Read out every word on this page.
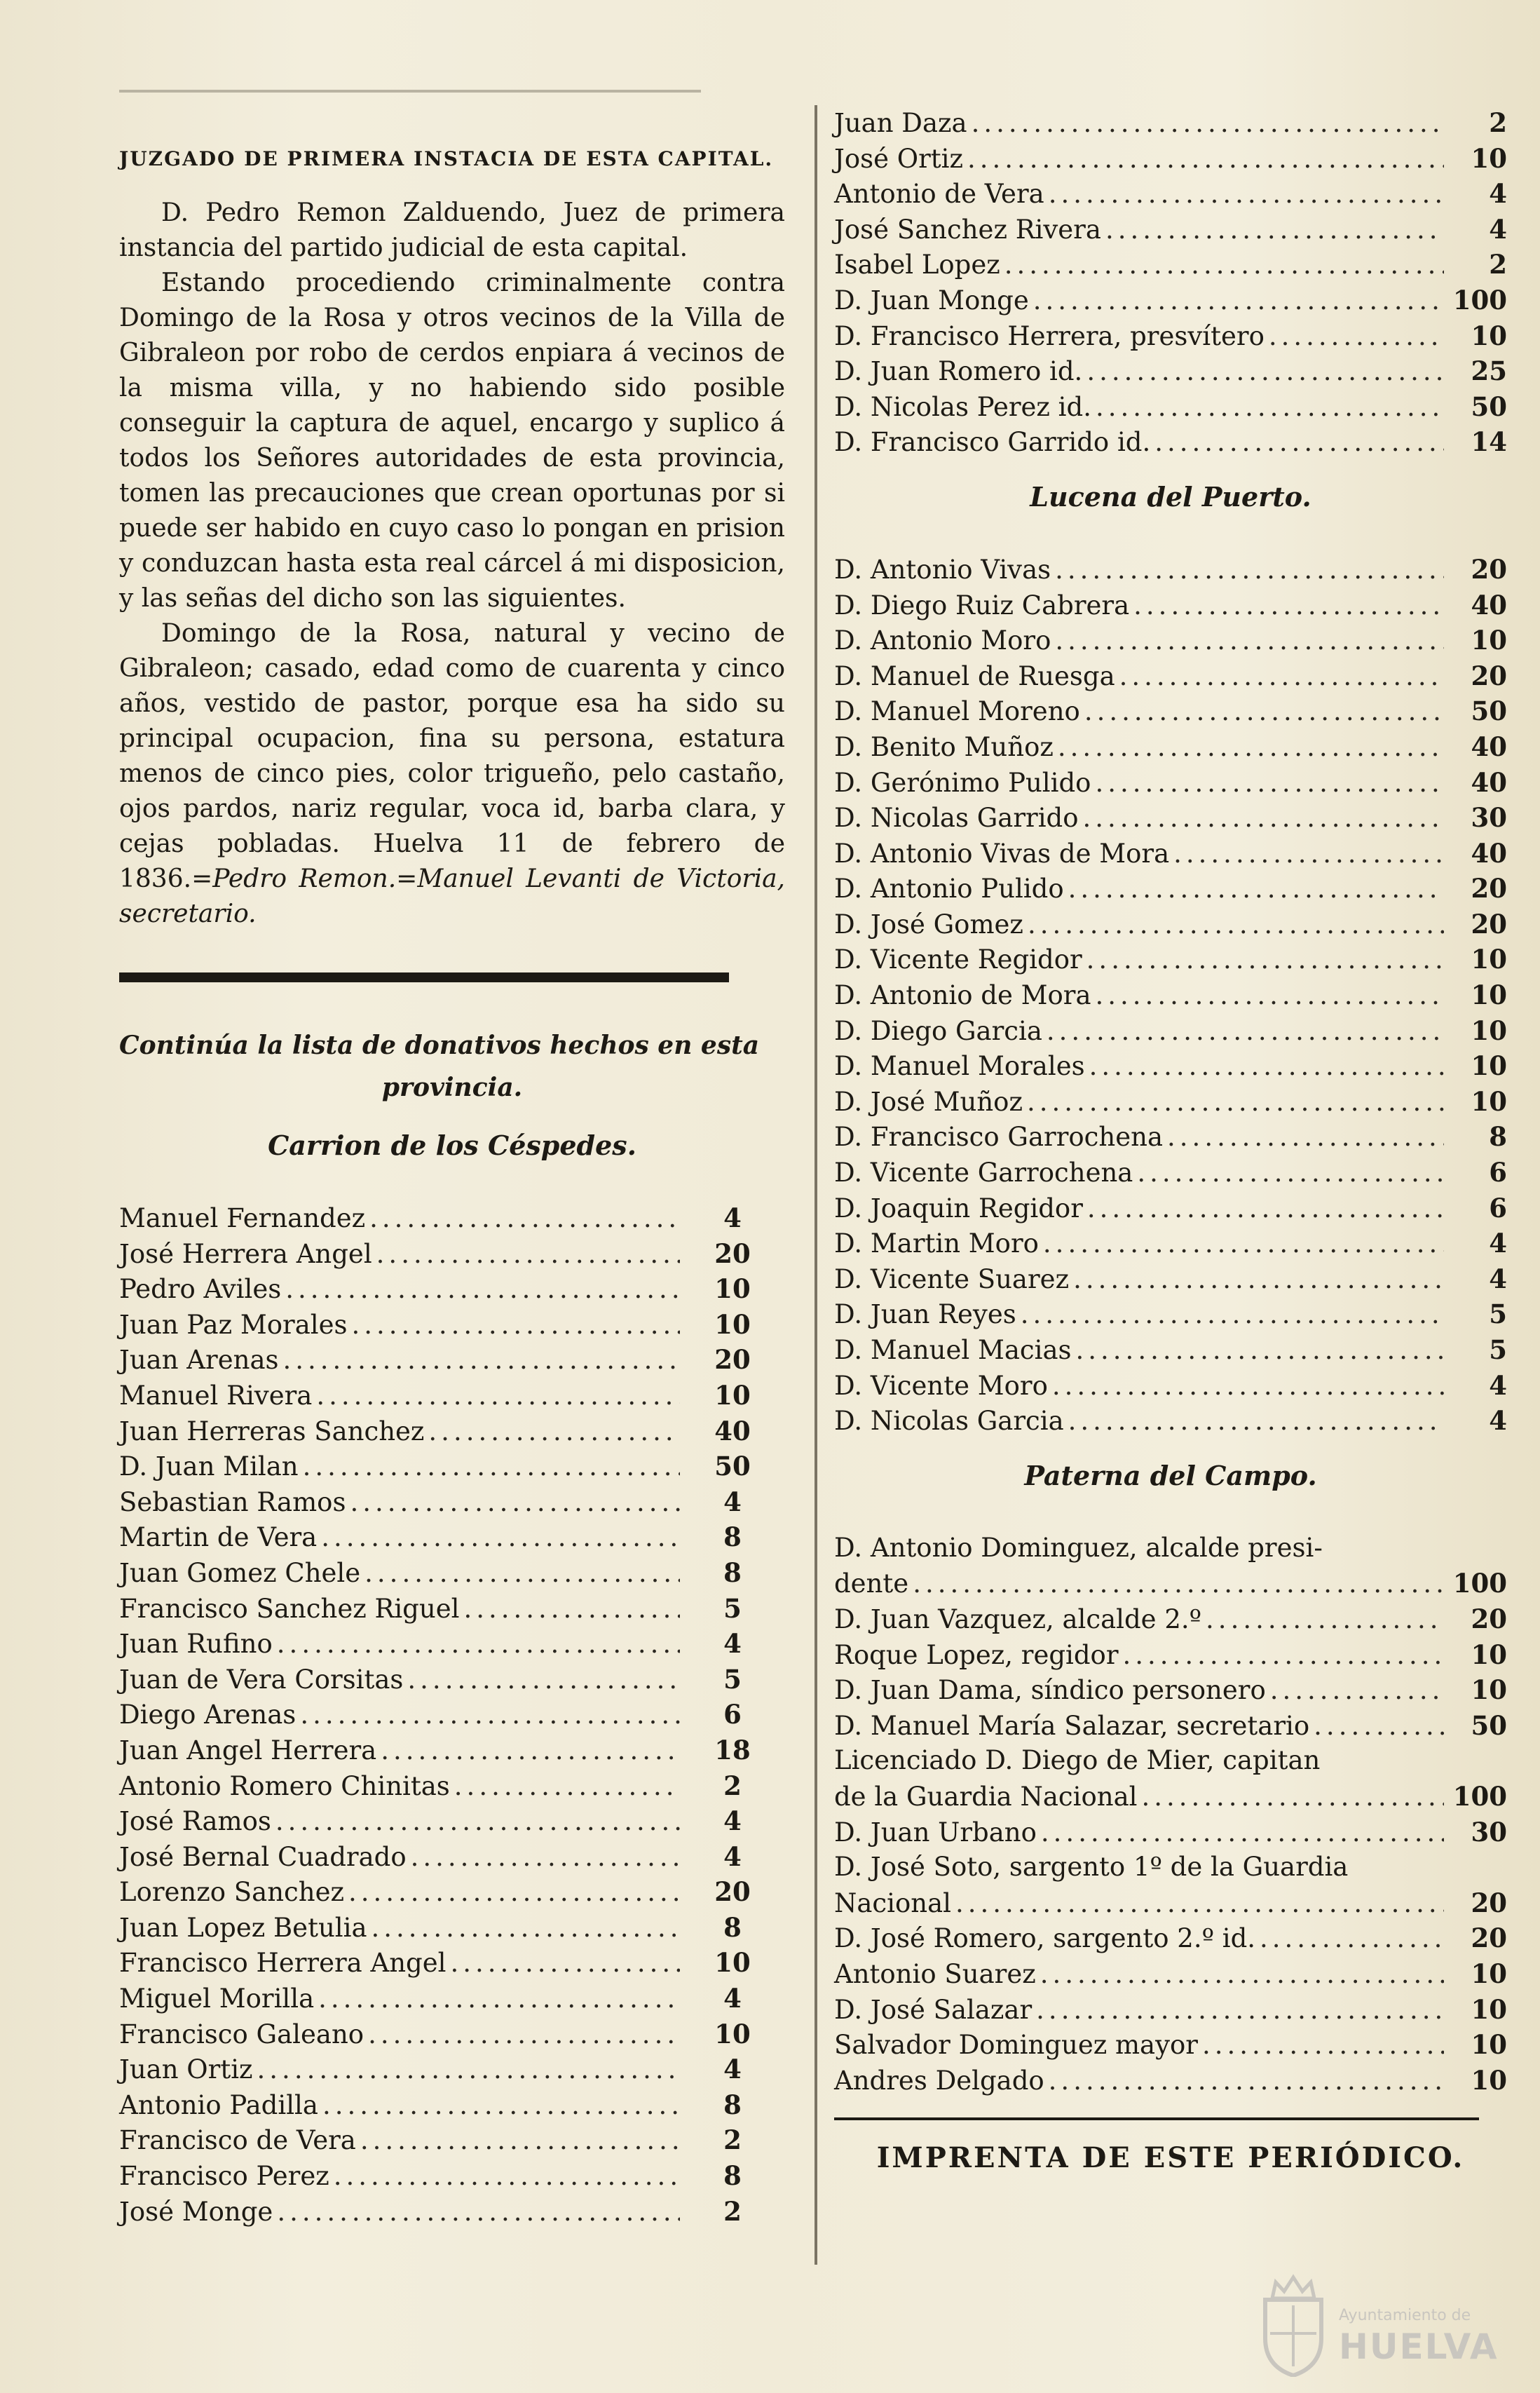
JUZGADO DE PRIMERA INSTACIA DE ESTA CAPITAL.

D. Pedro Remon Zalduendo, Juez de primera instancia del partido judicial de esta capital.

Estando procediendo criminalmente contra Domingo de la Rosa y otros vecinos de la Villa de Gibraleon por robo de cerdos enpiara á vecinos de la misma villa, y no habiendo sido posible conseguir la captura de aquel, encargo y suplico á todos los Señores autoridades de esta provincia, tomen las precauciones que crean oportunas por si puede ser habido en cuyo caso lo pongan en prision y conduzcan hasta esta real cárcel á mi disposicion, y las señas del dicho son las siguientes.

Domingo de la Rosa, natural y vecino de Gibraleon; casado, edad como de cuarenta y cinco años, vestido de pastor, porque esa ha sido su principal ocupacion, fina su persona, estatura menos de cinco pies, color trigueño, pelo castaño, ojos pardos, nariz regular, voca id, barba clara, y cejas pobladas. Huelva 11 de febrero de 1836.=Pedro Remon.=Manuel Levanti de Victoria, secretario.

Continúa la lista de donativos hechos en esta
provincia.
Carrion de los Céspedes.
Manuel Fernandez .....	4
José Herrera Angel .....	20
Pedro Aviles .....	10
Juan Paz Morales .....	10
Juan Arenas .....	20
Manuel Rivera .....	10
Juan Herreras Sanchez .....	40
D. Juan Milan .....	50
Sebastian Ramos .....	4
Martin de Vera .....	8
Juan Gomez Chele .....	8
Francisco Sanchez Riguel .....	5
Juan Rufino .....	4
Juan de Vera Corsitas .....	5
Diego Arenas .....	6
Juan Angel Herrera .....	18
Antonio Romero Chinitas .....	2
José Ramos .....	4
José Bernal Cuadrado .....	4
Lorenzo Sanchez .....	20
Juan Lopez Betulia .....	8
Francisco Herrera Angel .....	10
Miguel Morilla .....	4
Francisco Galeano .....	10
Juan Ortiz .....	4
Antonio Padilla .....	8
Francisco de Vera .....	2
Francisco Perez .....	8
José Monge .....	2
Juan Daza .....	2
José Ortiz .....	10
Antonio de Vera .....	4
José Sanchez Rivera .....	4
Isabel Lopez .....	2
D. Juan Monge .....	100
D. Francisco Herrera, presvítero .....	10
D. Juan Romero id. .....	25
D. Nicolas Perez id. .....	50
D. Francisco Garrido id. .....	14
Lucena del Puerto.
D. Antonio Vivas .....	20
D. Diego Ruiz Cabrera .....	40
D. Antonio Moro .....	10
D. Manuel de Ruesga .....	20
D. Manuel Moreno .....	50
D. Benito Muñoz .....	40
D. Gerónimo Pulido .....	40
D. Nicolas Garrido .....	30
D. Antonio Vivas de Mora .....	40
D. Antonio Pulido .....	20
D. José Gomez .....	20
D. Vicente Regidor .....	10
D. Antonio de Mora .....	10
D. Diego Garcia .....	10
D. Manuel Morales .....	10
D. José Muñoz .....	10
D. Francisco Garrochena .....	8
D. Vicente Garrochena .....	6
D. Joaquin Regidor .....	6
D. Martin Moro .....	4
D. Vicente Suarez .....	4
D. Juan Reyes .....	5
D. Manuel Macias .....	5
D. Vicente Moro .....	4
D. Nicolas Garcia .....	4
Paterna del Campo.
D. Antonio Dominguez, alcalde presi-
dente .....	100
D. Juan Vazquez, alcalde 2.º .....	20
Roque Lopez, regidor .....	10
D. Juan Dama, síndico personero .....	10
D. Manuel María Salazar, secretario .....	50
Licenciado D. Diego de Mier, capitan
de la Guardia Nacional .....	100
D. Juan Urbano .....	30
D. José Soto, sargento 1º de la Guardia
Nacional .....	20
D. José Romero, sargento 2.º id. .....	20
Antonio Suarez .....	10
D. José Salazar .....	10
Salvador Dominguez mayor .....	10
Andres Delgado .....	10
IMPRENTA DE ESTE PERIÓDICO.
Ayuntamiento de
HUELVA
